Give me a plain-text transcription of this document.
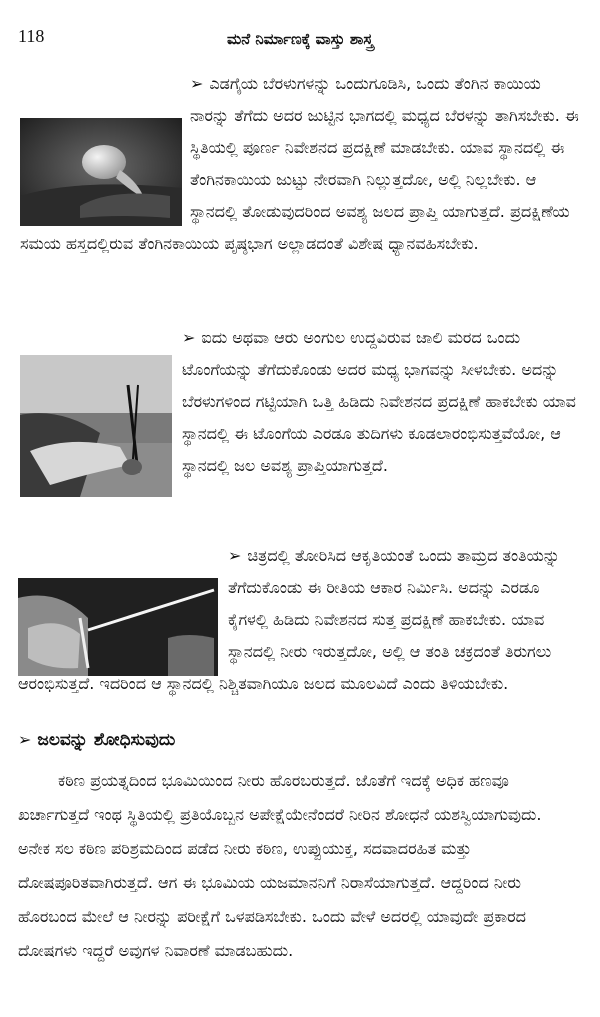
118	ಮನೆ ನಿರ್ಮಾಣಕ್ಕೆ ವಾಸ್ತು ಶಾಸ್ತ್ರ
➢ ಎಡಗೈಯ ಬೆರಳುಗಳನ್ನು ಒಂದುಗೂಡಿಸಿ, ಒಂದು ತೆಂಗಿನ ಕಾಯಿಯ ನಾರನ್ನು ತೆಗೆದು ಅದರ ಜುಟ್ಟಿನ ಭಾಗದಲ್ಲಿ ಮಧ್ಯದ ಬೆರಳನ್ನು ತಾಗಿಸಬೇಕು. ಈ ಸ್ಥಿತಿಯಲ್ಲಿ ಪೂರ್ಣ ನಿವೇಶನದ ಪ್ರದಕ್ಷಿಣೆ ಮಾಡಬೇಕು. ಯಾವ ಸ್ಥಾನದಲ್ಲಿ ಈ ತೆಂಗಿನಕಾಯಿಯ ಜುಟ್ಟು ನೇರವಾಗಿ ನಿಲ್ಲುತ್ತದೋ, ಅಲ್ಲಿ ನಿಲ್ಲಬೇಕು. ಆ ಸ್ಥಾನದಲ್ಲಿ ತೋಡುವುದರಿಂದ ಅವಶ್ಯ ಜಲದ ಪ್ರಾಪ್ತಿ ಯಾಗುತ್ತದೆ. ಪ್ರದಕ್ಷಿಣೆಯ ಸಮಯ ಹಸ್ತದಲ್ಲಿರುವ ತೆಂಗಿನಕಾಯಿಯ ಪೃಷ್ಠಭಾಗ ಅಲ್ಲಾಡದಂತೆ ವಿಶೇಷ ಧ್ಯಾನವಹಿಸಬೇಕು.
➢ ಐದು ಅಥವಾ ಆರು ಅಂಗುಲ ಉದ್ದವಿರುವ ಜಾಲಿ ಮರದ ಒಂದು ಟೊಂಗೆಯನ್ನು ತೆಗೆದುಕೊಂಡು ಅದರ ಮಧ್ಯ ಭಾಗವನ್ನು ಸೀಳಬೇಕು. ಅದನ್ನು ಬೆರಳುಗಳಿಂದ ಗಟ್ಟಿಯಾಗಿ ಒತ್ತಿ ಹಿಡಿದು ನಿವೇಶನದ ಪ್ರದಕ್ಷಿಣೆ ಹಾಕಬೇಕು ಯಾವ ಸ್ಥಾನದಲ್ಲಿ ಈ ಟೊಂಗೆಯ ಎರಡೂ ತುದಿಗಳು ಕೂಡಲಾರಂಭಿಸುತ್ತವೆಯೋ, ಆ ಸ್ಥಾನದಲ್ಲಿ ಜಲ ಅವಶ್ಯ ಪ್ರಾಪ್ತಿಯಾಗುತ್ತದೆ.
➢ ಚಿತ್ರದಲ್ಲಿ ತೋರಿಸಿದ ಆಕೃತಿಯಂತೆ ಒಂದು ತಾಮ್ರದ ತಂತಿಯನ್ನು ತೆಗೆದುಕೊಂಡು ಈ ರೀತಿಯ ಆಕಾರ ನಿರ್ಮಿಸಿ. ಅದನ್ನು ಎರಡೂ ಕೈಗಳಲ್ಲಿ ಹಿಡಿದು ನಿವೇಶನದ ಸುತ್ತ ಪ್ರದಕ್ಷಿಣೆ ಹಾಕಬೇಕು. ಯಾವ ಸ್ಥಾನದಲ್ಲಿ ನೀರು ಇರುತ್ತದೋ, ಅಲ್ಲಿ ಆ ತಂತಿ ಚಕ್ರದಂತೆ ತಿರುಗಲು ಆರಂಭಿಸುತ್ತದೆ. ಇದರಿಂದ ಆ ಸ್ಥಾನದಲ್ಲಿ ನಿಶ್ಚಿತವಾಗಿಯೂ ಜಲದ ಮೂಲವಿದೆ ಎಂದು ತಿಳಿಯಬೇಕು.
➢ ಜಲವನ್ನು ಶೋಧಿಸುವುದು
ಕಠಿಣ ಪ್ರಯತ್ನದಿಂದ ಭೂಮಿಯಿಂದ ನೀರು ಹೊರಬರುತ್ತದೆ. ಜೊತೆಗೆ ಇದಕ್ಕೆ ಅಧಿಕ ಹಣವೂ ಖರ್ಚಾಗುತ್ತದೆ ಇಂಥ ಸ್ಥಿತಿಯಲ್ಲಿ ಪ್ರತಿಯೊಬ್ಬನ ಅಪೇಕ್ಷೆಯೇನೆಂದರೆ ನೀರಿನ ಶೋಧನೆ ಯಶಸ್ವಿಯಾಗುವುದು. ಅನೇಕ ಸಲ ಕಠಿಣ ಪರಿಶ್ರಮದಿಂದ ಪಡೆದ ನೀರು ಕಠಿಣ, ಉಪ್ಪುಯುಕ್ತ, ಸದವಾದರಹಿತ ಮತ್ತು ದೋಷಪೂರಿತವಾಗಿರುತ್ತದೆ. ಆಗ ಈ ಭೂಮಿಯ ಯಜಮಾನನಿಗೆ ನಿರಾಸೆಯಾಗುತ್ತದೆ. ಆದ್ದರಿಂದ ನೀರು ಹೊರಬಂದ ಮೇಲೆ ಆ ನೀರನ್ನು ಪರೀಕ್ಷೆಗೆ ಒಳಪಡಿಸಬೇಕು. ಒಂದು ವೇಳೆ ಅದರಲ್ಲಿ ಯಾವುದೇ ಪ್ರಕಾರದ ದೋಷಗಳು ಇದ್ದರೆ ಅವುಗಳ ನಿವಾರಣೆ ಮಾಡಬಹುದು.
